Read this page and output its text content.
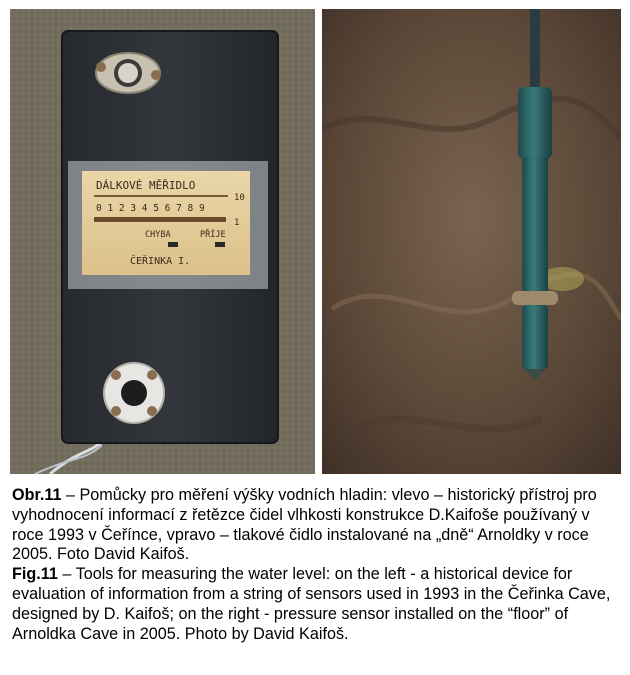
DÁLKOVÉ MĚŘIDLO
10
0 1 2 3 4 5 6 7 8 9
1
CHYBA	PŘÍJE
ČEŘINKA I.

Obr.11 – Pomůcky pro měření výšky vodních hladin: vlevo – historický přístroj pro vyhodnocení informací z řetězce čidel vlhkosti konstrukce D.Kaifoše používaný v roce 1993 v Čeřínce, vpravo – tlakové čidlo instalované na „dně“ Arnoldky v roce 2005. Foto David Kaifoš.

Fig.11 – Tools for measuring the water level: on the left - a historical device for evaluation of information from a string of sensors used in 1993 in the Čeřinka Cave, designed by D. Kaifoš; on the right - pressure sensor installed on the “floor” of Arnoldka Cave in 2005. Photo by David Kaifoš.
